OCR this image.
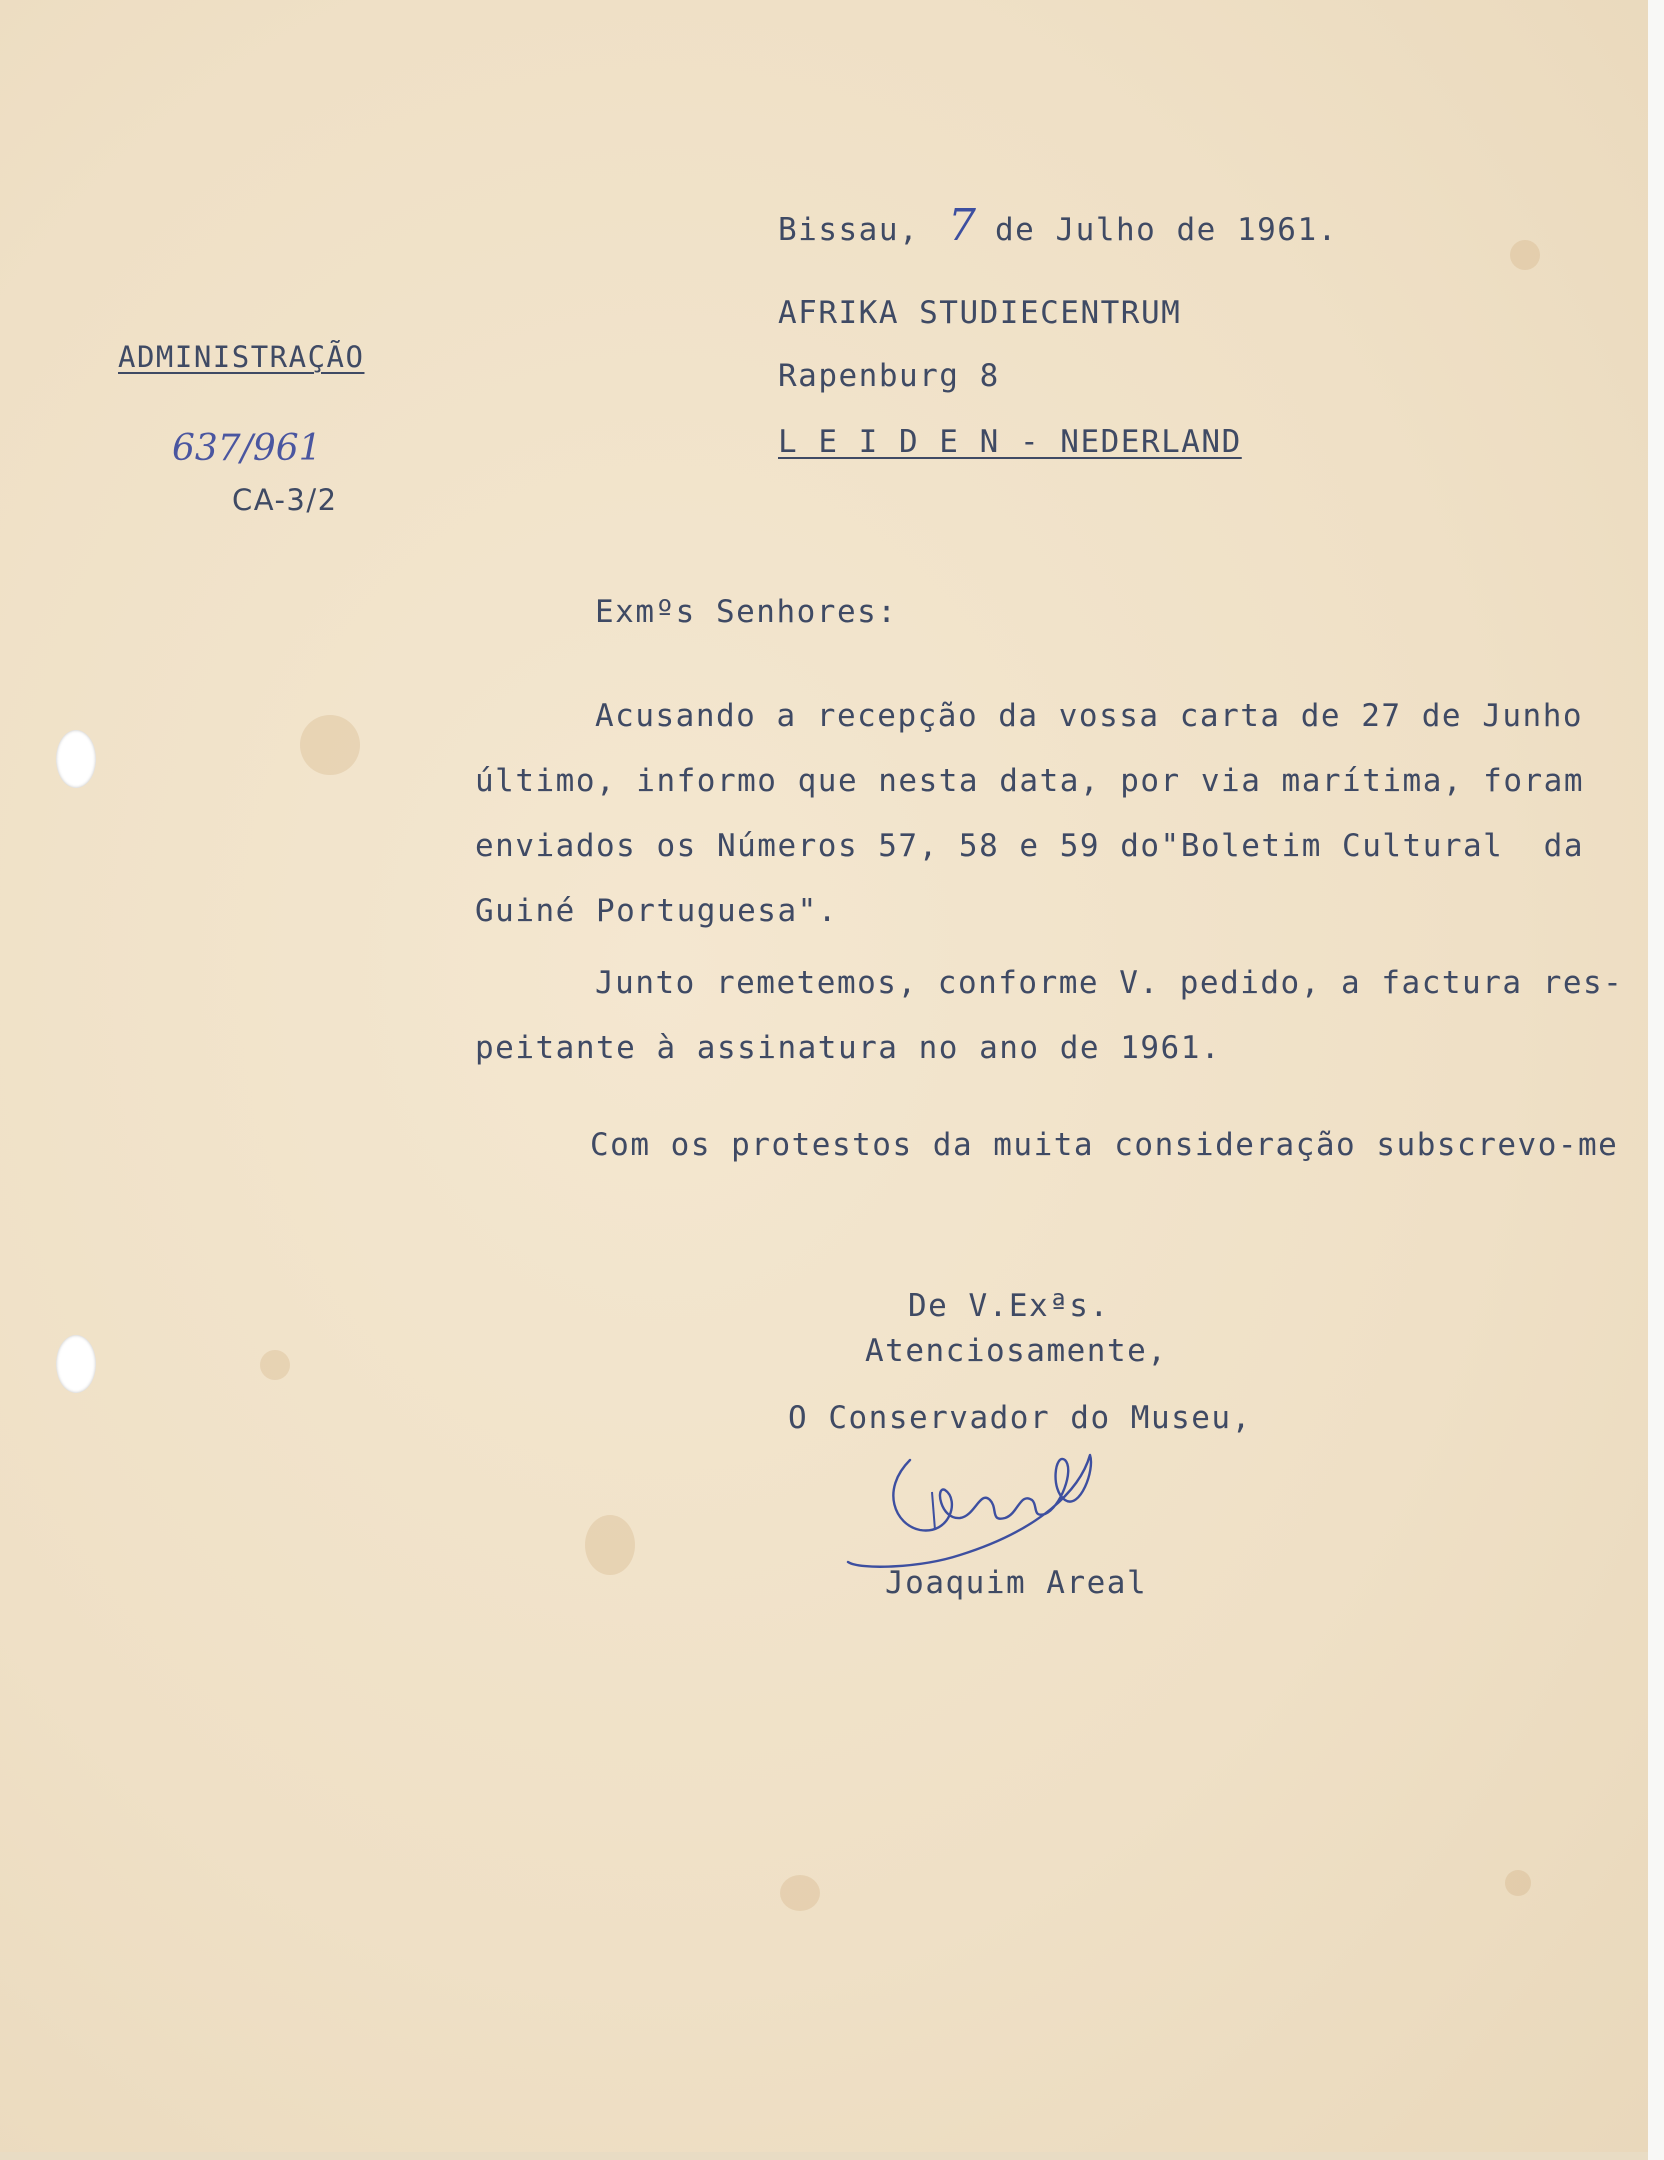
Bissau, 7 de Julho de 1961.
AFRIKA STUDIECENTRUM
Rapenburg 8
L E I D E N - NEDERLAND
ADMINISTRAÇÃO
637/961
CA-3/2
Exmºs Senhores:
Acusando a recepção da vossa carta de 27 de Junho
último, informo que nesta data, por via marítima, foram
enviados os Números 57, 58 e 59 do"Boletim Cultural  da
Guiné Portuguesa".
Junto remetemos, conforme V. pedido, a factura res-
peitante à assinatura no ano de 1961.
Com os protestos da muita consideração subscrevo-me
De V.Exªs.
Atenciosamente,
O Conservador do Museu,
Joaquim Areal
